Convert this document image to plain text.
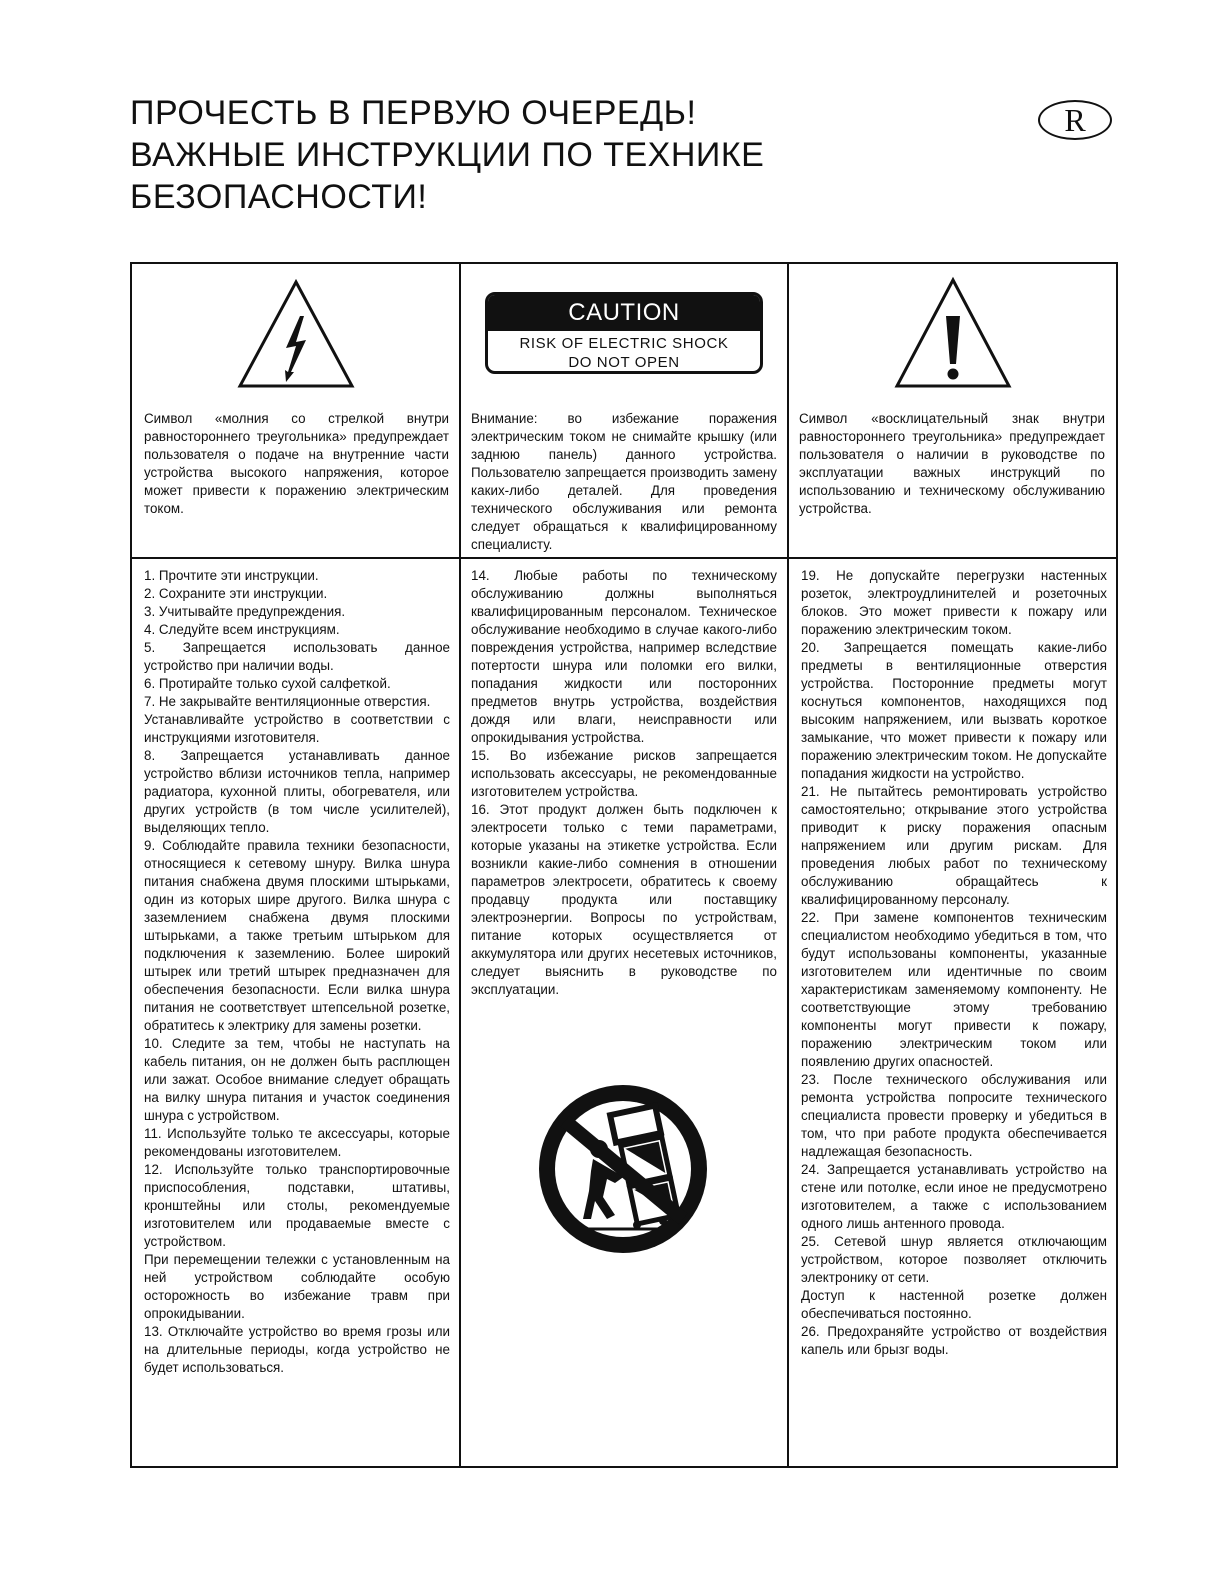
ПРОЧЕСТЬ В ПЕРВУЮ ОЧЕРЕДЬ!
ВАЖНЫЕ ИНСТРУКЦИИ ПО ТЕХНИКЕ
БЕЗОПАСНОСТИ!
R

Символ «молния со стрелкой внутри равностороннего треугольника» предупреждает пользователя о подаче на внутренние части устройства высокого напряжения, которое может привести к поражению электрическим током.

CAUTION
RISK OF ELECTRIC SHOCK
DO NOT OPEN

Внимание: во избежание поражения электрическим током не снимайте крышку (или заднюю панель) данного устройства. Пользователю запрещается производить замену каких-либо деталей. Для проведения технического обслуживания или ремонта следует обращаться к квалифицированному специалисту.

Символ «восклицательный знак внутри равностороннего треугольника» предупреждает пользователя о наличии в руководстве по эксплуатации важных инструкций по использованию и техническому обслуживанию устройства.

1. Прочтите эти инструкции.

2. Сохраните эти инструкции.

3. Учитывайте предупреждения.

4. Следуйте всем инструкциям.

5. Запрещается использовать данное устройство при наличии воды.

6. Протирайте только сухой салфеткой.

7. Не закрывайте вентиляционные отверстия.

Устанавливайте устройство в соответствии с инструкциями изготовителя.

8. Запрещается устанавливать данное устройство вблизи источников тепла, например радиатора, кухонной плиты, обогревателя, или других устройств (в том числе усилителей), выделяющих тепло.

9. Соблюдайте правила техники безопасности, относящиеся к сетевому шнуру. Вилка шнура питания снабжена двумя плоскими штырьками, один из которых шире другого. Вилка шнура с заземлением снабжена двумя плоскими штырьками, а также третьим штырьком для подключения к заземлению. Более широкий штырек или третий штырек предназначен для обеспечения безопасности. Если вилка шнура питания не соответствует штепсельной розетке, обратитесь к электрику для замены розетки.

10. Следите за тем, чтобы не наступать на кабель питания, он не должен быть расплющен или зажат. Особое внимание следует обращать на вилку шнура питания и участок соединения шнура с устройством.

11. Используйте только те аксессуары, которые рекомендованы изготовителем.

12. Используйте только транспортировочные приспособления, подставки, штативы, кронштейны или столы, рекомендуемые изготовителем или продаваемые вместе с устройством.

При перемещении тележки с установленным на ней устройством соблюдайте особую осторожность во избежание травм при опрокидывании.

13. Отключайте устройство во время грозы или на длительные периоды, когда устройство не будет использоваться.

14. Любые работы по техническому обслуживанию должны выполняться квалифицированным персоналом. Техническое обслуживание необходимо в случае какого-либо повреждения устройства, например вследствие потертости шнура или поломки его вилки, попадания жидкости или посторонних предметов внутрь устройства, воздействия дождя или влаги, неисправности или опрокидывания устройства.

15. Во избежание рисков запрещается использовать аксессуары, не рекомендованные изготовителем устройства.

16. Этот продукт должен быть подключен к электросети только с теми параметрами, которые указаны на этикетке устройства. Если возникли какие-либо сомнения в отношении параметров электросети, обратитесь к своему продавцу продукта или поставщику электроэнергии. Вопросы по устройствам, питание которых осуществляется от аккумулятора или других несетевых источников, следует выяснить в руководстве по эксплуатации.

19. Не допускайте перегрузки настенных розеток, электроудлинителей и розеточных блоков. Это может привести к пожару или поражению электрическим током.

20. Запрещается помещать какие-либо предметы в вентиляционные отверстия устройства. Посторонние предметы могут коснуться компонентов, находящихся под высоким напряжением, или вызвать короткое замыкание, что может привести к пожару или поражению электрическим током. Не допускайте попадания жидкости на устройство.

21. Не пытайтесь ремонтировать устройство самостоятельно; открывание этого устройства приводит к риску поражения опасным напряжением или другим рискам. Для проведения любых работ по техническому обслуживанию обращайтесь к квалифицированному персоналу.

22. При замене компонентов техническим специалистом необходимо убедиться в том, что будут использованы компоненты, указанные изготовителем или идентичные по своим характеристикам заменяемому компоненту. Не соответствующие этому требованию компоненты могут привести к пожару, поражению электрическим током или появлению других опасностей.

23. После технического обслуживания или ремонта устройства попросите технического специалиста провести проверку и убедиться в том, что при работе продукта обеспечивается надлежащая безопасность.

24. Запрещается устанавливать устройство на стене или потолке, если иное не предусмотрено изготовителем, а также с использованием одного лишь антенного провода.

25. Сетевой шнур является отключающим устройством, которое позволяет отключить электронику от сети.

Доступ к настенной розетке должен обеспечиваться постоянно.

26. Предохраняйте устройство от воздействия капель или брызг воды.
